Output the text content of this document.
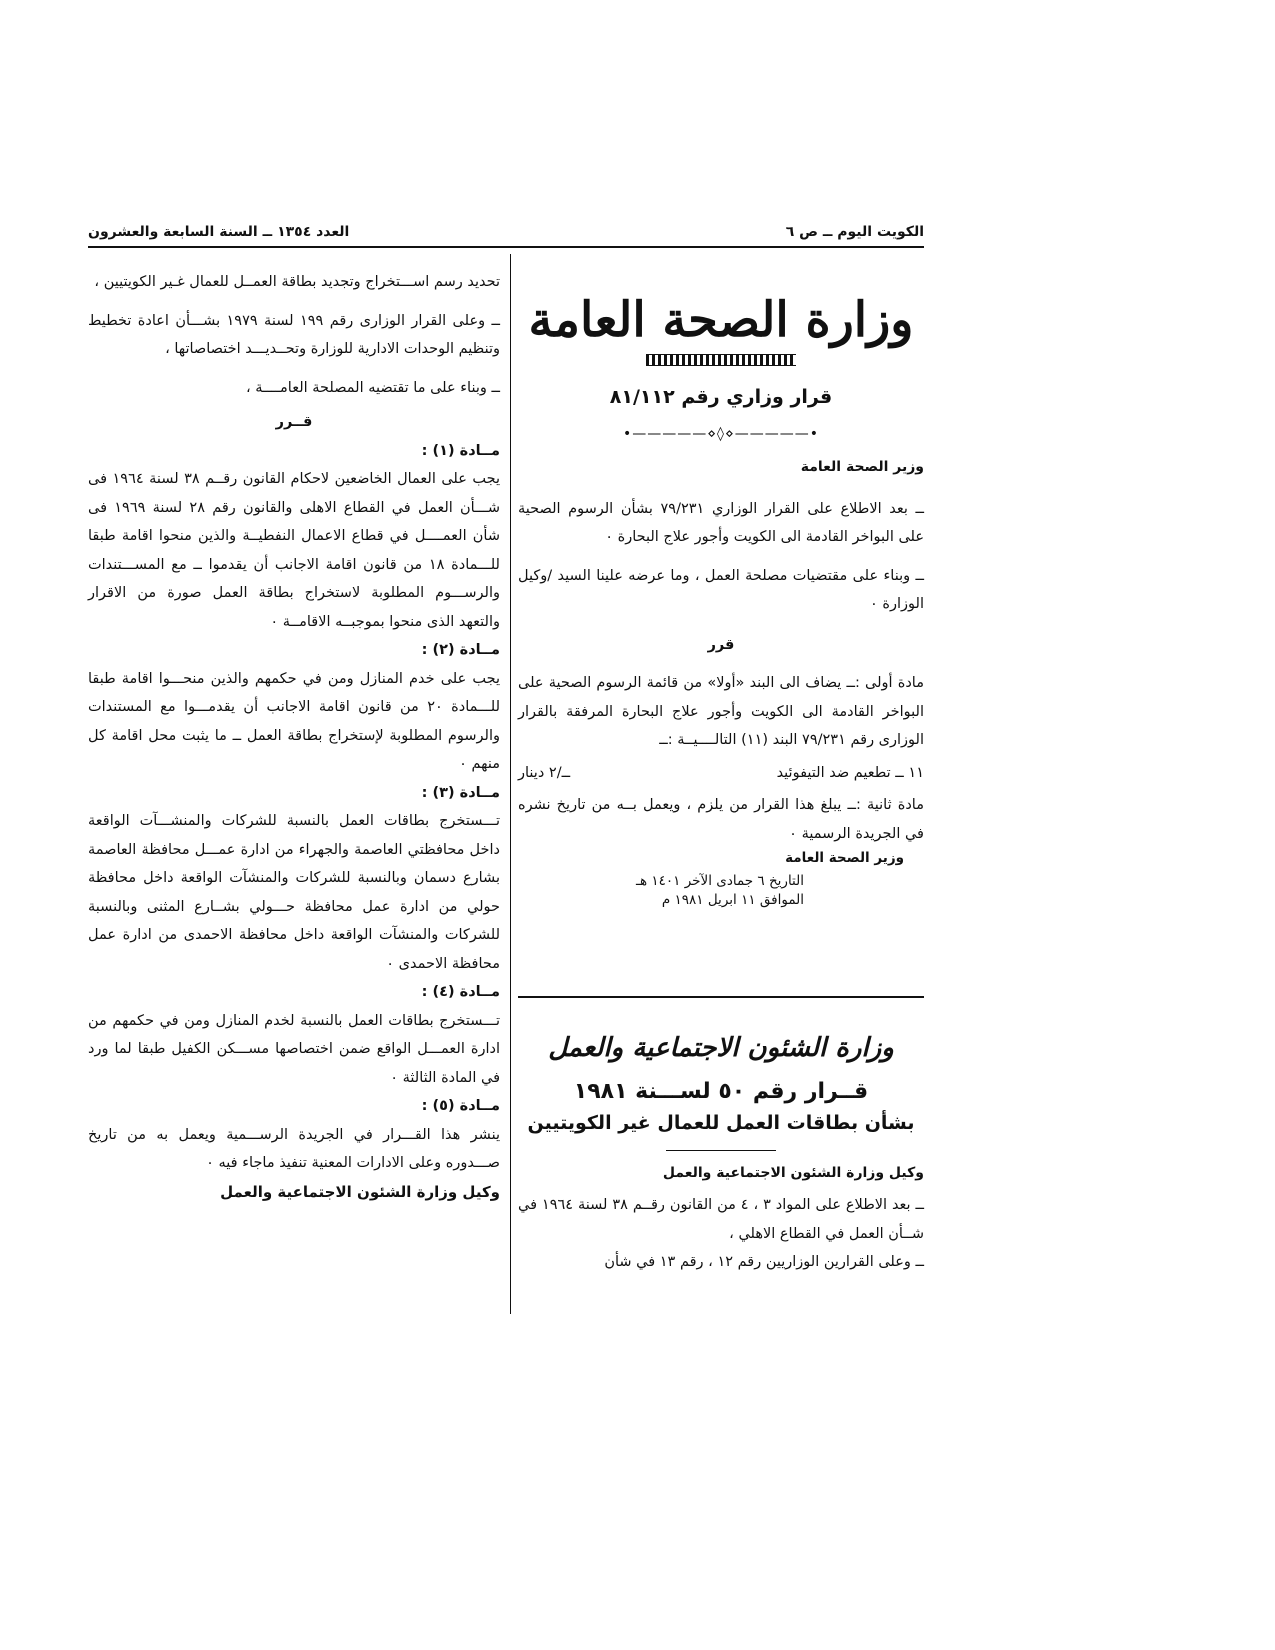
الكويت اليوم ــ ص ٦
العدد ١٣٥٤ ــ السنة السابعة والعشرون
وزارة الصحة العامة
قرار وزاري رقم ٨١/١١٢
•—————⋄◊⋄—————•

وزير الصحة العامة

ــ بعد الاطلاع على القرار الوزاري ٧٩/٢٣١ بشأن الرسوم الصحية على البواخر القادمة الى الكويت وأجور علاج البحارة ٠

ــ وبناء على مقتضيات مصلحة العمل ، وما عرضه علينا السيد /وكيل الوزارة ٠

قرر

مادة أولى :ــ يضاف الى البند «أولا» من قائمة الرسوم الصحية على البواخر القادمة الى الكويت وأجور علاج البحارة المرفقة بالقرار الوزارى رقم ٧٩/٢٣١ البند (١١) التالــــيــة :ــ

١١ ــ تطعيم ضد التيفوئيد
ــ/٢ دينار

مادة ثانية :ــ يبلغ هذا القرار من يلزم ، ويعمل بــه من تاريخ نشره في الجريدة الرسمية ٠

وزير الصحة العامة

التاريخ ٦ جمادى الآخر ١٤٠١ هـ

الموافق ١١ ابريل ١٩٨١ م

وزارة الشئون الاجتماعية والعمل
قــرار رقم ٥٠ لســـنة ١٩٨١
بشأن بطاقات العمل للعمال غير الكويتيين

وكيل وزارة الشئون الاجتماعية والعمل

ــ بعد الاطلاع على المواد ٣ ، ٤ من القانون رقــم ٣٨ لسنة ١٩٦٤ في شــأن العمل في القطاع الاهلي ،

ــ وعلى القرارين الوزاريين رقم ١٢ ، رقم ١٣ في شأن

تحديد رسم اســـتخراج وتجديد بطاقة العمــل للعمال غـير الكويتيين ،

ــ وعلى القرار الوزارى رقم ١٩٩ لسنة ١٩٧٩ بشـــأن اعادة تخطيط وتنظيم الوحدات الادارية للوزارة وتحــديـــد اختصاصاتها ،

ــ وبناء على ما تقتضيه المصلحة العامــــة ،

قــرر

مــادة (١) :

يجب على العمال الخاضعين لاحكام القانون رقــم ٣٨ لسنة ١٩٦٤ فى شـــأن العمل في القطاع الاهلى والقانون رقم ٢٨ لسنة ١٩٦٩ فى شأن العمــــل في قطاع الاعمال النفطيــة والذين منحوا اقامة طبقا للـــمادة ١٨ من قانون اقامة الاجانب أن يقدموا ــ مع المســـتندات والرســـوم المطلوبة لاستخراج بطاقة العمل صورة من الاقرار والتعهد الذى منحوا بموجبــه الاقامــة ٠

مــادة (٢) :

يجب على خدم المنازل ومن في حكمهم والذين منحـــوا اقامة طبقا للـــمادة ٢٠ من قانون اقامة الاجانب أن يقدمـــوا مع المستندات والرسوم المطلوبة لإستخراج بطاقة العمل ــ ما يثبت محل اقامة كل منهم ٠

مــادة (٣) :

تـــستخرج بطاقات العمل بالنسبة للشركات والمنشـــآت الواقعة داخل محافظتي العاصمة والجهراء من ادارة عمـــل محافظة العاصمة بشارع دسمان وبالنسبة للشركات والمنشآت الواقعة داخل محافظة حولي من ادارة عمل محافظة حـــولي بشــارع المثنى وبالنسبة للشركات والمنشآت الواقعة داخل محافظة الاحمدى من ادارة عمل محافظة الاحمدى ٠

مــادة (٤) :

تـــستخرج بطاقات العمل بالنسبة لخدم المنازل ومن في حكمهم من ادارة العمـــل الواقع ضمن اختصاصها مســـكن الكفيل طبقا لما ورد في المادة الثالثة ٠

مــادة (٥) :

ينشر هذا القـــرار في الجريدة الرســـمية ويعمل به من تاريخ صـــدوره وعلى الادارات المعنية تنفيذ ماجاء فيه ٠

وكيل وزارة الشئون الاجتماعية والعمل
